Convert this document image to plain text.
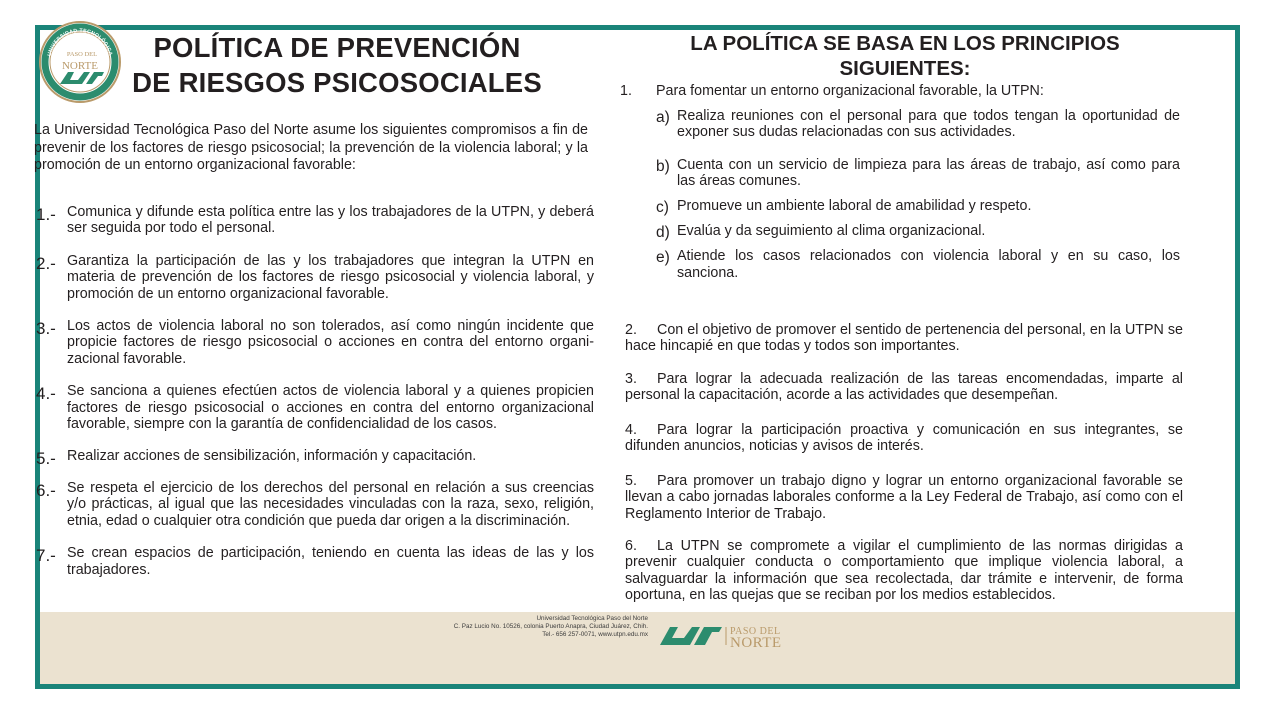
UNIVERSIDAD TECNOLÓGICA
PASO DEL
NORTE
POLÍTICA DE PREVENCIÓN
DE RIESGOS PSICOSOCIALES

La Universidad Tecnológica Paso del Norte asume los siguientes compromisos a fin de prevenir de los factores de riesgo psicosocial; la prevención de la violencia laboral; y la promoción de un entorno organizacional favorable:

1.- Comunica y difunde esta política entre las y los trabajadores de la UTPN, y deberá ser seguida por todo el personal.
2.- Garantiza la participación de las y los trabajadores que integran la UTPN en materia de prevención de los factores de riesgo psicosocial y violencia laboral, y promoción de un entorno organizacional favorable.
3.- Los actos de violencia laboral no son tolerados, así como ningún incidente que propicie factores de riesgo psicosocial o acciones en contra del entorno organi-zacional favorable.
4.- Se sanciona a quienes efectúen actos de violencia laboral y a quienes propicien factores de riesgo psicosocial o acciones en contra del entorno organizacional favorable, siempre con la garantía de confidencialidad de los casos.
5.- Realizar acciones de sensibilización, información y capacitación.
6.- Se respeta el ejercicio de los derechos del personal en relación a sus creencias y/o prácticas, al igual que las necesidades vinculadas con la raza, sexo, religión, etnia, edad o cualquier otra condición que pueda dar origen a la discriminación.
7.- Se crean espacios de participación, teniendo en cuenta las ideas de las y los trabajadores.
LA POLÍTICA SE BASA EN LOS PRINCIPIOS
SIGUIENTES:

1. Para fomentar un entorno organizacional favorable, la UTPN:

a) Realiza reuniones con el personal para que todos tengan la oportunidad de exponer sus dudas relacionadas con sus actividades.
b) Cuenta con un servicio de limpieza para las áreas de trabajo, así como para las áreas comunes.
c) Promueve un ambiente laboral de amabilidad y respeto.
d) Evalúa y da seguimiento al clima organizacional.
e) Atiende los casos relacionados con violencia laboral y en su caso, los sanciona.

2. Con el objetivo de promover el sentido de pertenencia del personal, en la UTPN se hace hincapié en que todas y todos son importantes.

3. Para lograr la adecuada realización de las tareas encomendadas, imparte al personal la capacitación, acorde a las actividades que desempeñan.

4. Para lograr la participación proactiva y comunicación en sus integrantes, se difunden anuncios, noticias y avisos de interés.

5. Para promover un trabajo digno y lograr un entorno organizacional favorable se llevan a cabo jornadas laborales conforme a la Ley Federal de Trabajo, así como con el Reglamento Interior de Trabajo.

6. La UTPN se compromete a vigilar el cumplimiento de las normas dirigidas a prevenir cualquier conducta o comportamiento que implique violencia laboral, a salvaguardar la información que sea recolectada, dar trámite e intervenir, de forma oportuna, en las quejas que se reciban por los medios establecidos.

Universidad Tecnológica Paso del Norte
C. Paz Lucio No. 10526, colonia Puerto Anapra, Ciudad Juárez, Chih.
Tel.- 656 257-0071, www.utpn.edu.mx	PASO DEL
NORTE
